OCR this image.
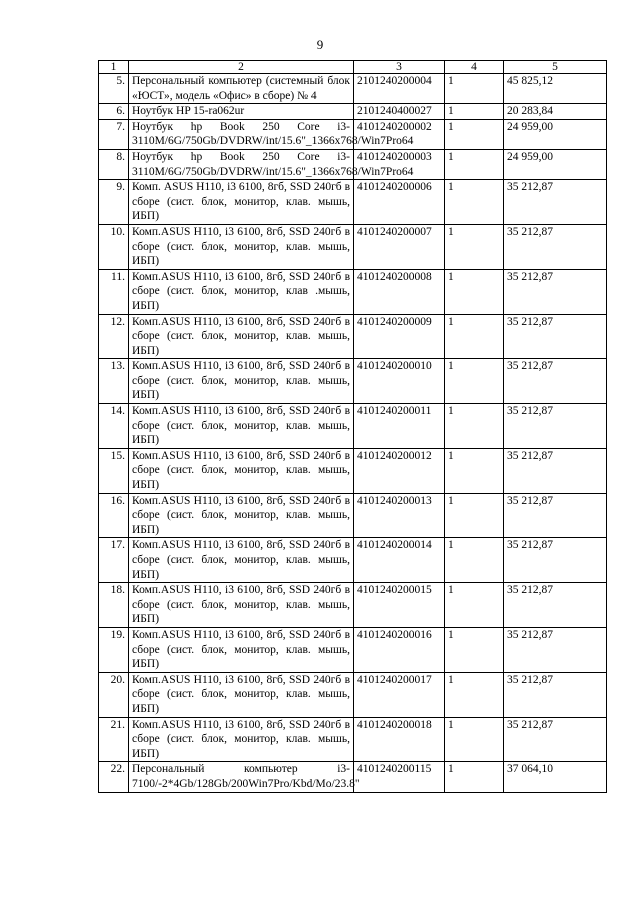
9
1	2	3	4	5
5.	Персональный компьютер (системный блок «ЮСТ», модель «Офис» в сборе) № 4	2101240200004	1	45 825,12
6.	Ноутбук HP 15-ra062ur	2101240400027	1	20 283,84
7.	Ноутбук hp Book 250 Core i3-3110M/6G/750Gb/DVDRW/int/15.6"_1366x768/Win7Pro64	4101240200002	1	24 959,00
8.	Ноутбук hp Book 250 Core i3-3110M/6G/750Gb/DVDRW/int/15.6"_1366x768/Win7Pro64	4101240200003	1	24 959,00
9.	Комп. ASUS H110, i3 6100, 8гб, SSD 240гб в сборе (сист. блок, монитор, клав. мышь, ИБП)	4101240200006	1	35 212,87
10.	Комп.ASUS H110, i3 6100, 8гб, SSD 240гб в сборе (сист. блок, монитор, клав. мышь, ИБП)	4101240200007	1	35 212,87
11.	Комп.ASUS H110, i3 6100, 8гб, SSD 240гб в сборе (сист. блок, монитор, клав .мышь, ИБП)	4101240200008	1	35 212,87
12.	Комп.ASUS H110, i3 6100, 8гб, SSD 240гб в сборе (сист. блок, монитор, клав. мышь, ИБП)	4101240200009	1	35 212,87
13.	Комп.ASUS H110, i3 6100, 8гб, SSD 240гб в сборе (сист. блок, монитор, клав. мышь, ИБП)	4101240200010	1	35 212,87
14.	Комп.ASUS H110, i3 6100, 8гб, SSD 240гб в сборе (сист. блок, монитор, клав. мышь, ИБП)	4101240200011	1	35 212,87
15.	Комп.ASUS H110, i3 6100, 8гб, SSD 240гб в сборе (сист. блок, монитор, клав. мышь, ИБП)	4101240200012	1	35 212,87
16.	Комп.ASUS H110, i3 6100, 8гб, SSD 240гб в сборе (сист. блок, монитор, клав. мышь, ИБП)	4101240200013	1	35 212,87
17.	Комп.ASUS H110, i3 6100, 8гб, SSD 240гб в сборе (сист. блок, монитор, клав. мышь, ИБП)	4101240200014	1	35 212,87
18.	Комп.ASUS H110, i3 6100, 8гб, SSD 240гб в сборе (сист. блок, монитор, клав. мышь, ИБП)	4101240200015	1	35 212,87
19.	Комп.ASUS H110, i3 6100, 8гб, SSD 240гб в сборе (сист. блок, монитор, клав. мышь, ИБП)	4101240200016	1	35 212,87
20.	Комп.ASUS H110, i3 6100, 8гб, SSD 240гб в сборе (сист. блок, монитор, клав. мышь, ИБП)	4101240200017	1	35 212,87
21.	Комп.ASUS H110, i3 6100, 8гб, SSD 240гб в сборе (сист. блок, монитор, клав. мышь, ИБП)	4101240200018	1	35 212,87
22.	Персональный компьютер i3-7100/-2*4Gb/128Gb/200Win7Pro/Kbd/Mo/23.8"	4101240200115	1	37 064,10
